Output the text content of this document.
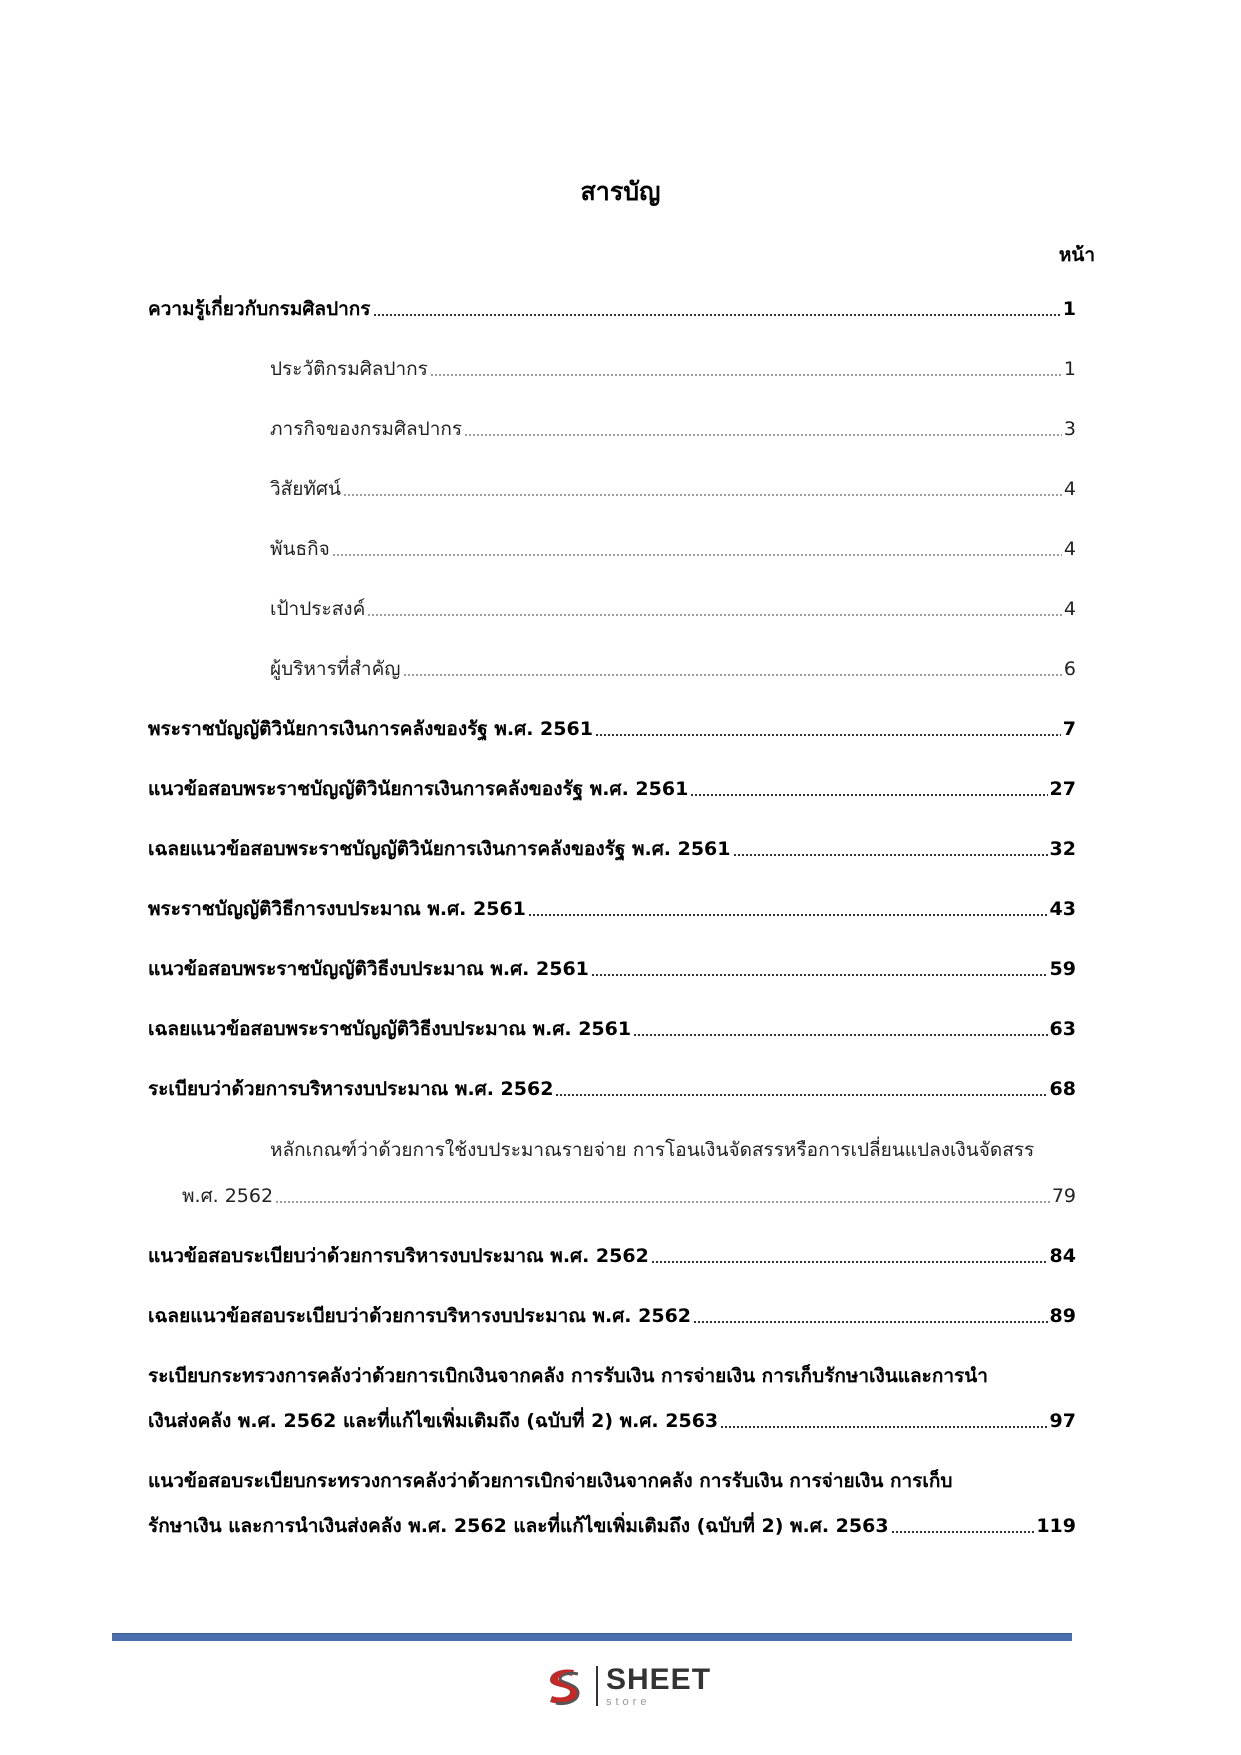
สารบัญ
หน้า
ความรู้เกี่ยวกับกรมศิลปากร	1
ประวัติกรมศิลปากร	1
ภารกิจของกรมศิลปากร	3
วิสัยทัศน์	4
พันธกิจ	4
เป้าประสงค์	4
ผู้บริหารที่สำคัญ	6
พระราชบัญญัติวินัยการเงินการคลังของรัฐ พ.ศ. 2561	7
แนวข้อสอบพระราชบัญญัติวินัยการเงินการคลังของรัฐ พ.ศ. 2561	27
เฉลยแนวข้อสอบพระราชบัญญัติวินัยการเงินการคลังของรัฐ พ.ศ. 2561	32
พระราชบัญญัติวิธีการงบประมาณ พ.ศ. 2561	43
แนวข้อสอบพระราชบัญญัติวิธีงบประมาณ พ.ศ. 2561	59
เฉลยแนวข้อสอบพระราชบัญญัติวิธีงบประมาณ พ.ศ. 2561	63
ระเบียบว่าด้วยการบริหารงบประมาณ พ.ศ. 2562	68
หลักเกณฑ์ว่าด้วยการใช้งบประมาณรายจ่าย การโอนเงินจัดสรรหรือการเปลี่ยนแปลงเงินจัดสรร
พ.ศ. 2562	79
แนวข้อสอบระเบียบว่าด้วยการบริหารงบประมาณ พ.ศ. 2562	84
เฉลยแนวข้อสอบระเบียบว่าด้วยการบริหารงบประมาณ พ.ศ. 2562	89
ระเบียบกระทรวงการคลังว่าด้วยการเบิกเงินจากคลัง การรับเงิน การจ่ายเงิน การเก็บรักษาเงินและการนำ
เงินส่งคลัง พ.ศ. 2562 และที่แก้ไขเพิ่มเติมถึง (ฉบับที่ 2) พ.ศ. 2563	97
แนวข้อสอบระเบียบกระทรวงการคลังว่าด้วยการเบิกจ่ายเงินจากคลัง การรับเงิน การจ่ายเงิน การเก็บ
รักษาเงิน และการนำเงินส่งคลัง พ.ศ. 2562 และที่แก้ไขเพิ่มเติมถึง (ฉบับที่ 2) พ.ศ. 2563	119
SHEET
store
